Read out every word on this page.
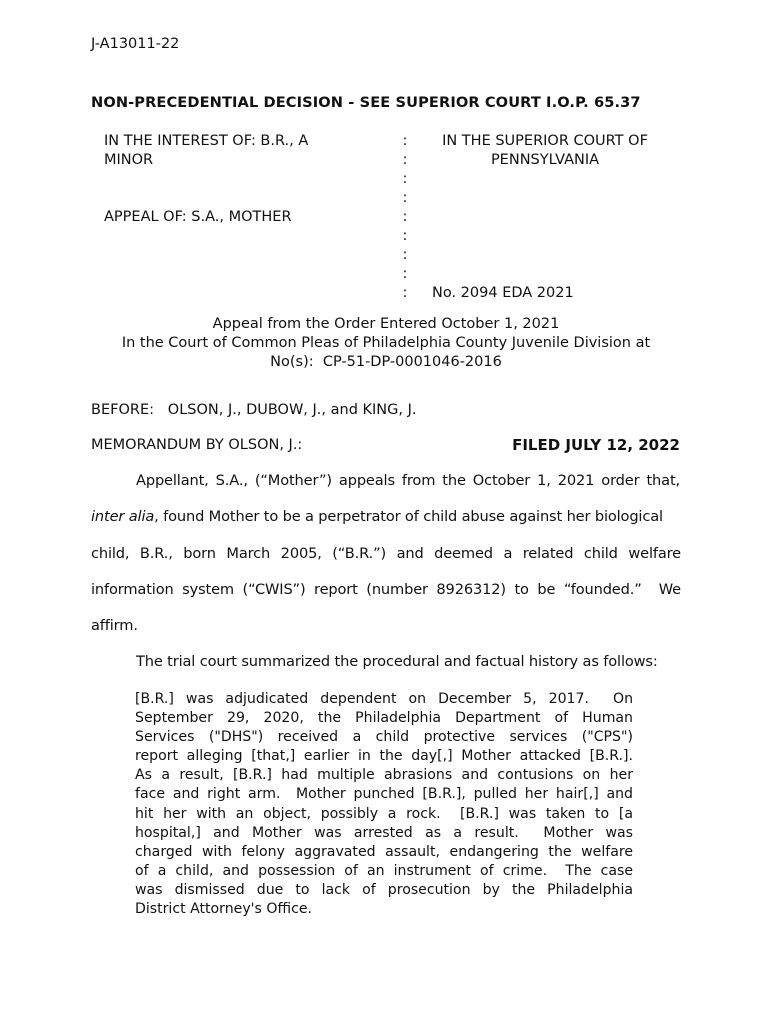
J-A13011-22
NON-PRECEDENTIAL DECISION - SEE SUPERIOR COURT I.O.P. 65.37
IN THE INTEREST OF: B.R., A
MINOR
APPEAL OF: S.A., MOTHER
:
:
:
:
:
:
:
:
:
IN THE SUPERIOR COURT OF
PENNSYLVANIA
No. 2094 EDA 2021
Appeal from the Order Entered October 1, 2021
In the Court of Common Pleas of Philadelphia County Juvenile Division at
No(s):  CP-51-DP-0001046-2016
BEFORE:   OLSON, J., DUBOW, J., and KING, J.
MEMORANDUM BY OLSON, J.:	FILED JULY 12, 2022
Appellant, S.A., (“Mother”) appeals from the October 1, 2021 order that,
inter alia, found Mother to be a perpetrator of child abuse against her biological
child, B.R., born March 2005, (“B.R.”) and deemed a related child welfare
information system (“CWIS”) report (number 8926312) to be “founded.”  We
affirm.
The trial court summarized the procedural and factual history as follows:
[B.R.] was adjudicated dependent on December 5, 2017.  On
September 29, 2020, the Philadelphia Department of Human
Services ("DHS") received a child protective services ("CPS")
report alleging [that,] earlier in the day[,] Mother attacked [B.R.].
As a result, [B.R.] had multiple abrasions and contusions on her
face and right arm.  Mother punched [B.R.], pulled her hair[,] and
hit her with an object, possibly a rock.  [B.R.] was taken to [a
hospital,] and Mother was arrested as a result.  Mother was
charged with felony aggravated assault, endangering the welfare
of a child, and possession of an instrument of crime.  The case
was dismissed due to lack of prosecution by the Philadelphia
District Attorney's Office.
